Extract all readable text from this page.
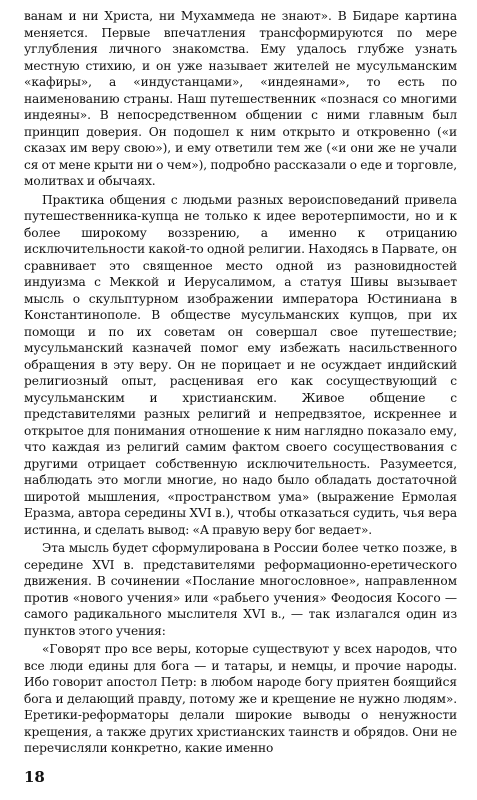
ванам и ни Христа, ни Мухаммеда не знают». В Бидаре картина меняется. Первые впечатления трансформируются по мере углубления личного знакомства. Ему удалось глубже узнать местную стихию, и он уже называет жителей не мусульманским «кафиры», а «индустанцами», «индеянами», то есть по наименованию страны. Наш путешественник «познася со многими индеяны». В непосредственном общении с ними главным был принцип доверия. Он подошел к ним открыто и откровенно («и сказах им веру свою»), и ему ответили тем же («и они же не учали ся от мене крыти ни о чем»), подробно рассказали о еде и торговле, молитвах и обычаях.

Практика общения с людьми разных вероисповеданий привела путешественника-купца не только к идее веротерпимости, но и к более широкому воззрению, а именно к отрицанию исключительности какой-то одной религии. Находясь в Парвате, он сравнивает это священное место одной из разновидностей индуизма с Меккой и Иерусалимом, а статуя Шивы вызывает мысль о скульптурном изображении императора Юстиниана в Константинополе. В обществе мусульманских купцов, при их помощи и по их советам он совершал свое путешествие; мусульманский казначей помог ему избежать насильственного обращения в эту веру. Он не порицает и не осуждает индийский религиозный опыт, расценивая его как сосуществующий с мусульманским и христианским. Живое общение с представителями разных религий и непредвзятое, искреннее и открытое для понимания отношение к ним наглядно показало ему, что каждая из религий самим фактом своего сосуществования с другими отрицает собственную исключительность. Разумеется, наблюдать это могли многие, но надо было обладать достаточной широтой мышления, «пространством ума» (выражение Ермолая Еразма, автора середины XVI в.), чтобы отказаться судить, чья вера истинна, и сделать вывод: «А правую веру бог ведает».

Эта мысль будет сформулирована в России более четко позже, в середине XVI в. представителями реформационно-еретического движения. В сочинении «Послание многословное», направленном против «нового учения» или «рабьего учения» Феодосия Косого — самого радикального мыслителя XVI в., — так излагался один из пунктов этого учения:

«Говорят про все веры, которые существуют у всех народов, что все люди едины для бога — и татары, и немцы, и прочие народы. Ибо говорит апостол Петр: в любом народе богу приятен боящийся бога и делающий правду, потому же и крещение не нужно людям». Еретики-реформаторы делали широкие выводы о ненужности крещения, а также других христианских таинств и обрядов. Они не перечисляли конкретно, какие именно

18
